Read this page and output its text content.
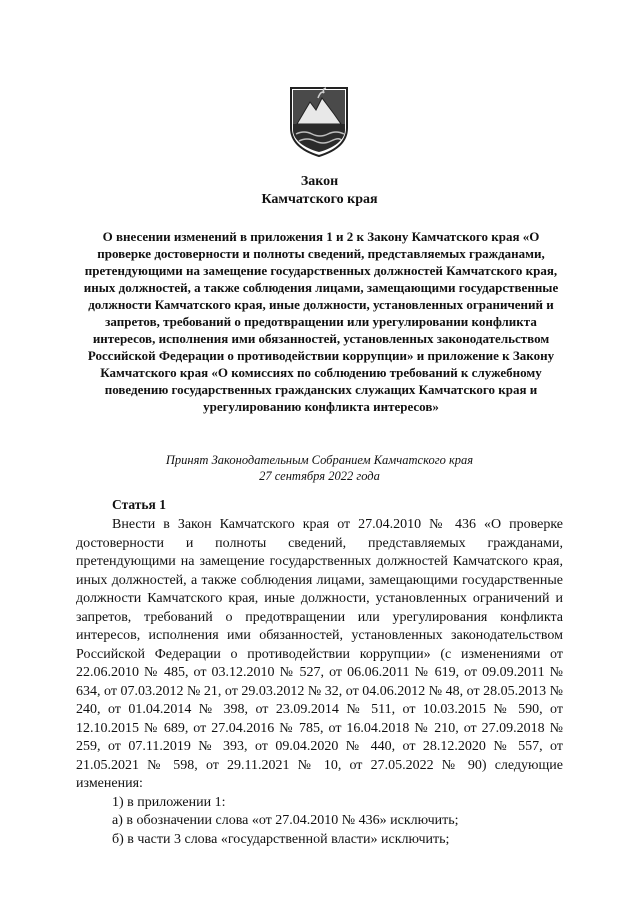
Закон
Камчатского края
О внесении изменений в приложения 1 и 2 к Закону Камчатского края «О проверке достоверности и полноты сведений, представляемых гражданами, претендующими на замещение государственных должностей Камчатского края, иных должностей, а также соблюдения лицами, замещающими государственные должности Камчатского края, иные должности, установленных ограничений и запретов, требований о предотвращении или урегулировании конфликта интересов, исполнения ими обязанностей, установленных законодательством Российской Федерации о противодействии коррупции» и приложение к Закону Камчатского края «О комиссиях по соблюдению требований к служебному поведению государственных гражданских служащих Камчатского края и урегулированию конфликта интересов»
Принят Законодательным Собранием Камчатского края
27 сентября 2022 года
Статья 1

Внести в Закон Камчатского края от 27.04.2010 № 436 «О проверке достоверности и полноты сведений, представляемых гражданами, претендующими на замещение государственных должностей Камчатского края, иных должностей, а также соблюдения лицами, замещающими государственные должности Камчатского края, иные должности, установленных ограничений и запретов, требований о предотвращении или урегулирования конфликта интересов, исполнения ими обязанностей, установленных законодательством Российской Федерации о противодействии коррупции» (с изменениями от 22.06.2010 № 485, от 03.12.2010 № 527, от 06.06.2011 № 619, от 09.09.2011 № 634, от 07.03.2012 № 21, от 29.03.2012 № 32, от 04.06.2012 № 48, от 28.05.2013 № 240, от 01.04.2014 № 398, от 23.09.2014 № 511, от 10.03.2015 № 590, от 12.10.2015 № 689, от 27.04.2016 № 785, от 16.04.2018 № 210, от 27.09.2018 № 259, от 07.11.2019 № 393, от 09.04.2020 № 440, от 28.12.2020 № 557, от 21.05.2021 № 598, от 29.11.2021 № 10, от 27.05.2022 № 90) следующие изменения:

1) в приложении 1:

а) в обозначении слова «от 27.04.2010 № 436» исключить;

б) в части 3 слова «государственной власти» исключить;
